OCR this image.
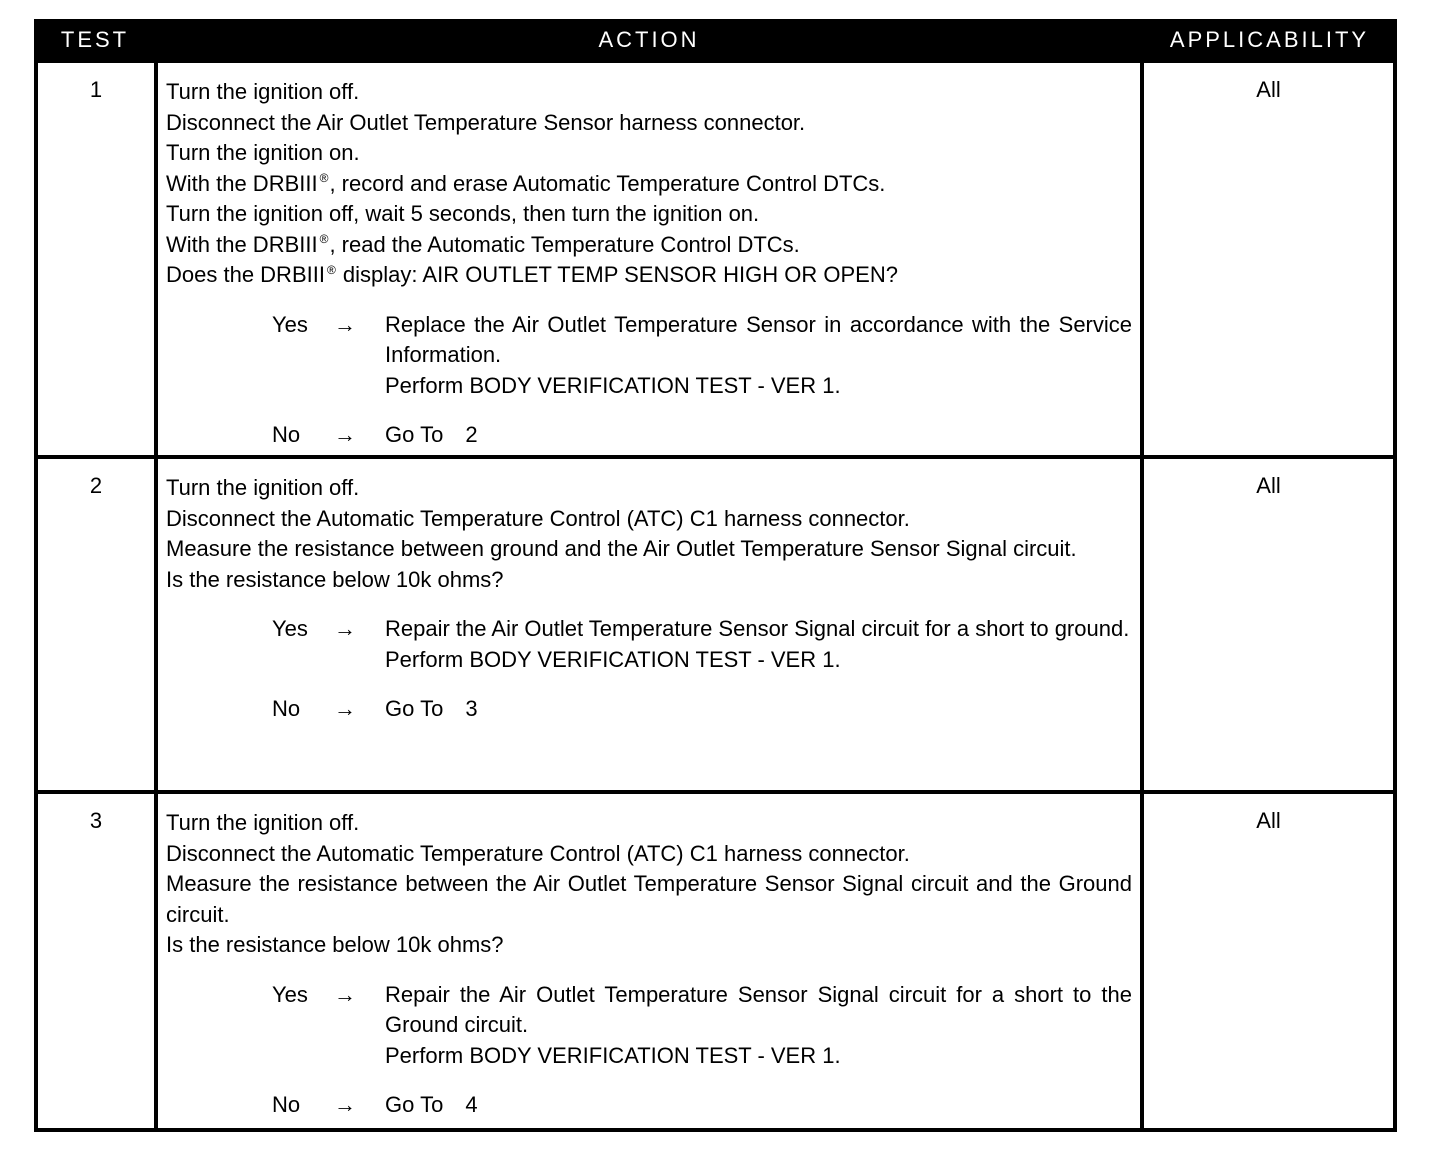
TEST	ACTION	APPLICABILITY
1	Turn the ignition off.
Disconnect the Air Outlet Temperature Sensor harness connector.
Turn the ignition on.
With the DRBIII ®, record and erase Automatic Temperature Control DTCs.
Turn the ignition off, wait 5 seconds, then turn the ignition on.
With the DRBIII ®, read the Automatic Temperature Control DTCs.
Does the DRBIII ® display: AIR OUTLET TEMP SENSOR HIGH OR OPEN?
Yes → Replace the Air Outlet Temperature Sensor in accordance with the Service Information.
Perform BODY VERIFICATION TEST - VER 1.
No → Go To 2
All
2	Turn the ignition off.
Disconnect the Automatic Temperature Control (ATC) C1 harness connector.
Measure the resistance between ground and the Air Outlet Temperature Sensor Signal circuit.
Is the resistance below 10k ohms?
Yes → Repair the Air Outlet Temperature Sensor Signal circuit for a short to ground.
Perform BODY VERIFICATION TEST - VER 1.
No → Go To 3
All
3	Turn the ignition off.
Disconnect the Automatic Temperature Control (ATC) C1 harness connector.
Measure the resistance between the Air Outlet Temperature Sensor Signal circuit and the Ground circuit.
Is the resistance below 10k ohms?
Yes → Repair the Air Outlet Temperature Sensor Signal circuit for a short to the Ground circuit.
Perform BODY VERIFICATION TEST - VER 1.
No → Go To 4
All
